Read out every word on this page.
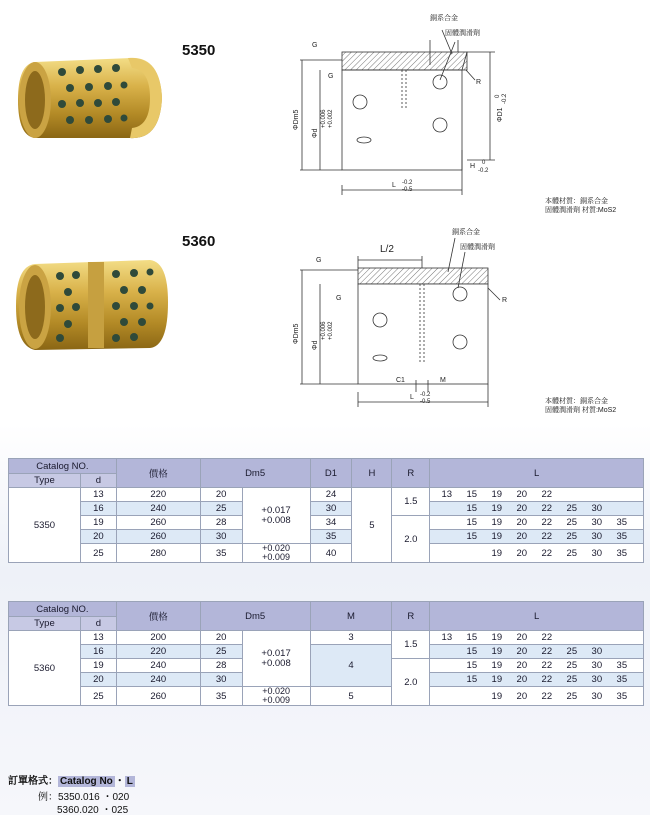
5350
銅系合金
固體潤滑劑
G
G
R
H 0
-0.2
L -0.2
-0.5
ΦDm5
Φd
+0.006 +0.002	ΦD1
0 -0.2
本體材質：銅系合金
固體潤滑劑 材質:MoS2
5360
銅系合金
固體潤滑劑
L/2
G
G	R
C1	M
L -0.2
-0.5
ΦDm5
Φd
+0.006 +0.002
本體材質：銅系合金
固體潤滑劑 材質:MoS2
Catalog NO.		價格	Dm5		D1	H	R	L
Type	d							
5350	13	220	20	+0.017
+0.008	24	5	1.5	13 15 19 20 22
	16	240	25		30			15 19 20 22 25 30
	19	260	28		34		2.0	15 19 20 22 25 30 35
	20	260	30		35			15 19 20 22 25 30 35
	25	280	35	+0.020
+0.009	40			19 20 22 25 30 35
Catalog NO.		價格	Dm5		M	R	L
Type	d						
5360	13	200	20	+0.017
+0.008	3	1.5	13 15 19 20 22
	16	220	25		4		15 19 20 22 25 30
	19	240	28			2.0	15 19 20 22 25 30 35
	20	240	30				15 19 20 22 25 30 35
	25	260	35	+0.020
+0.009	5		19 20 22 25 30 35
訂單格式： Catalog No ・ L
例：5350.016 ・020
5360.020 ・025
